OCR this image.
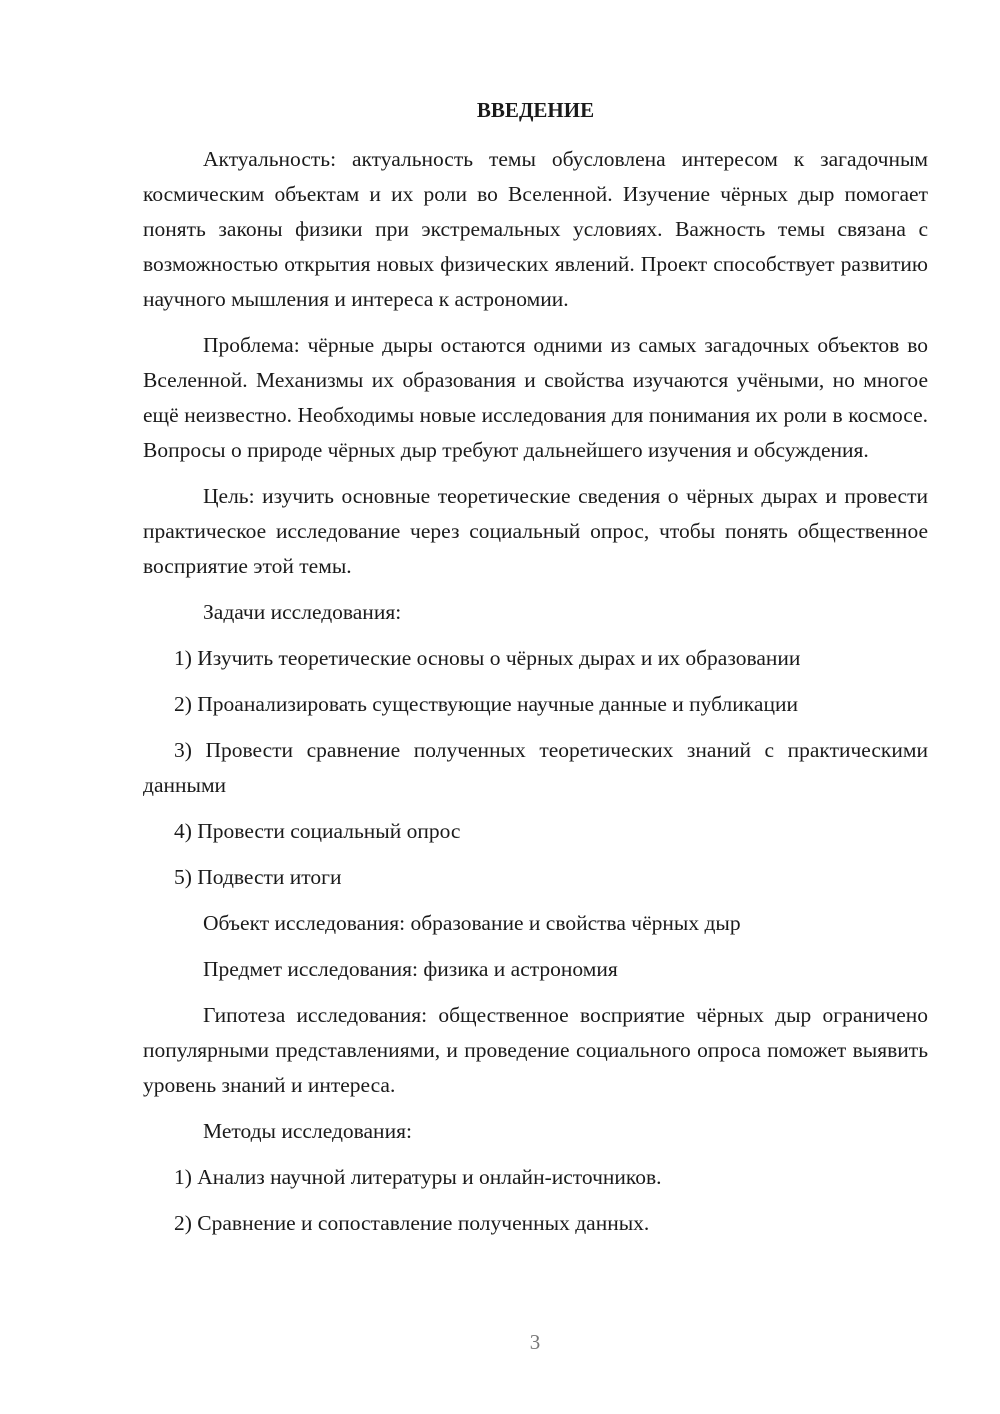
ВВЕДЕНИЕ
Актуальность: актуальность темы обусловлена интересом к загадочным космическим объектам и их роли во Вселенной. Изучение чёрных дыр помогает понять законы физики при экстремальных условиях. Важность темы связана с возможностью открытия новых физических явлений. Проект способствует развитию научного мышления и интереса к астрономии.
Проблема: чёрные дыры остаются одними из самых загадочных объектов во Вселенной. Механизмы их образования и свойства изучаются учёными, но многое ещё неизвестно. Необходимы новые исследования для понимания их роли в космосе. Вопросы о природе чёрных дыр требуют дальнейшего изучения и обсуждения.
Цель: изучить основные теоретические сведения о чёрных дырах и провести практическое исследование через социальный опрос, чтобы понять общественное восприятие этой темы.
Задачи исследования:
1) Изучить теоретические основы о чёрных дырах и их образовании
2) Проанализировать существующие научные данные и публикации
3) Провести сравнение полученных теоретических знаний с практическими данными
4) Провести социальный опрос
5) Подвести итоги
Объект исследования: образование и свойства чёрных дыр
Предмет исследования: физика и астрономия
Гипотеза исследования: общественное восприятие чёрных дыр ограничено популярными представлениями, и проведение социального опроса поможет выявить уровень знаний и интереса.
Методы исследования:
1) Анализ научной литературы и онлайн-источников.
2) Сравнение и сопоставление полученных данных.
3
